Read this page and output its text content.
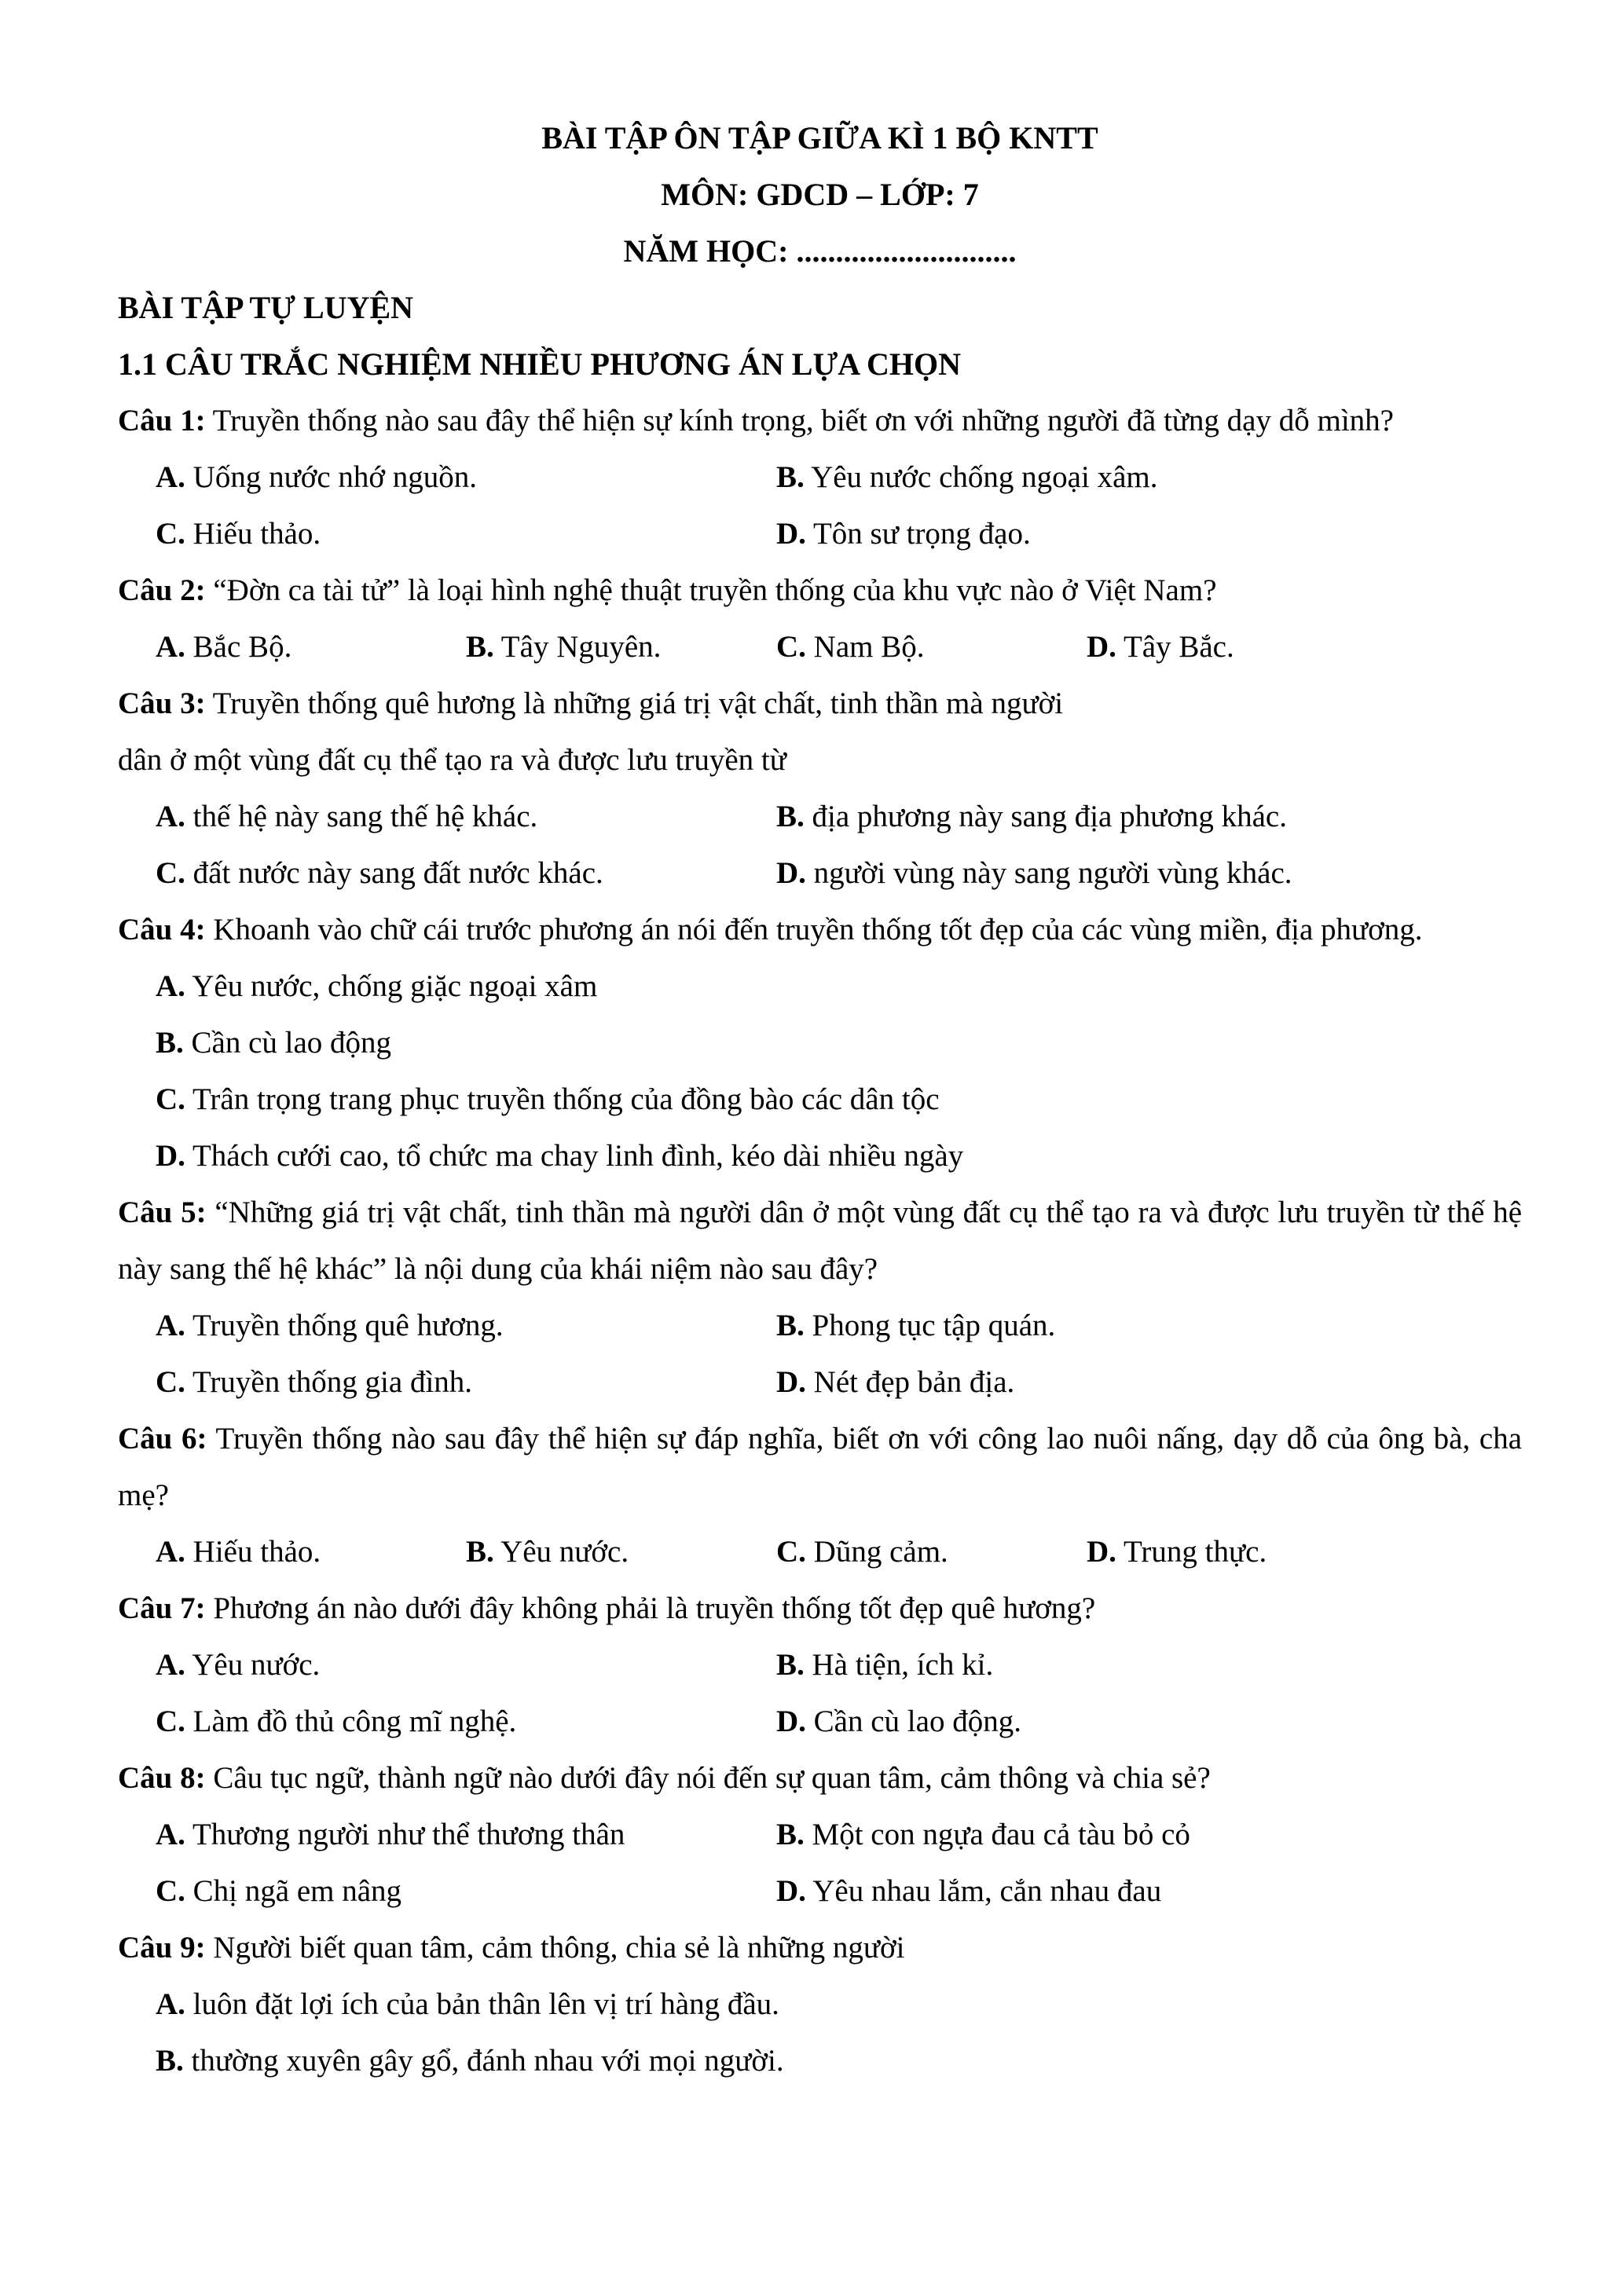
BÀI TẬP ÔN TẬP GIỮA KÌ 1 BỘ KNTT
MÔN: GDCD – LỚP: 7
NĂM HỌC: ............................
BÀI TẬP TỰ LUYỆN
1.1 CÂU TRẮC NGHIỆM NHIỀU PHƯƠNG ÁN LỰA CHỌN
Câu 1: Truyền thống nào sau đây thể hiện sự kính trọng, biết ơn với những người đã từng dạy dỗ mình?
A. Uống nước nhớ nguồn.	B. Yêu nước chống ngoại xâm.
C. Hiếu thảo.	D. Tôn sư trọng đạo.
Câu 2: “Đờn ca tài tử” là loại hình nghệ thuật truyền thống của khu vực nào ở Việt Nam?
A. Bắc Bộ.	B. Tây Nguyên.	C. Nam Bộ.	D. Tây Bắc.
Câu 3: Truyền thống quê hương là những giá trị vật chất, tinh thần mà người
dân ở một vùng đất cụ thể tạo ra và được lưu truyền từ
A. thế hệ này sang thế hệ khác.	B. địa phương này sang địa phương khác.
C. đất nước này sang đất nước khác.	D. người vùng này sang người vùng khác.
Câu 4: Khoanh vào chữ cái trước phương án nói đến truyền thống tốt đẹp của các vùng miền, địa phương.
A. Yêu nước, chống giặc ngoại xâm
B. Cần cù lao động
C. Trân trọng trang phục truyền thống của đồng bào các dân tộc
D. Thách cưới cao, tổ chức ma chay linh đình, kéo dài nhiều ngày
Câu 5: “Những giá trị vật chất, tinh thần mà người dân ở một vùng đất cụ thể tạo ra và được lưu truyền từ thế hệ này sang thế hệ khác” là nội dung của khái niệm nào sau đây?
A. Truyền thống quê hương.	B. Phong tục tập quán.
C. Truyền thống gia đình.	D. Nét đẹp bản địa.
Câu 6: Truyền thống nào sau đây thể hiện sự đáp nghĩa, biết ơn với công lao nuôi nấng, dạy dỗ của ông bà, cha mẹ?
A. Hiếu thảo.	B. Yêu nước.	C. Dũng cảm.	D. Trung thực.
Câu 7: Phương án nào dưới đây không phải là truyền thống tốt đẹp quê hương?
A. Yêu nước.	B. Hà tiện, ích kỉ.
C. Làm đồ thủ công mĩ nghệ.	D. Cần cù lao động.
Câu 8: Câu tục ngữ, thành ngữ nào dưới đây nói đến sự quan tâm, cảm thông và chia sẻ?
A. Thương người như thể thương thân	B. Một con ngựa đau cả tàu bỏ cỏ
C. Chị ngã em nâng	D. Yêu nhau lắm, cắn nhau đau
Câu 9: Người biết quan tâm, cảm thông, chia sẻ là những người
A. luôn đặt lợi ích của bản thân lên vị trí hàng đầu.
B. thường xuyên gây gổ, đánh nhau với mọi người.
